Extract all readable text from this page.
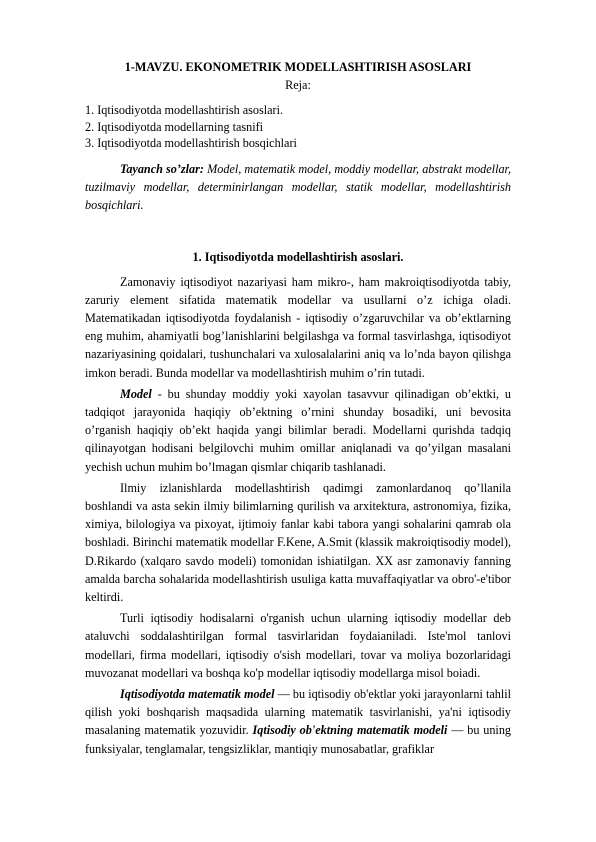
1-MAVZU. EKONOMETRIK MODELLASHTIRISH ASOSLARI

Reja:

1. Iqtisodiyotda modellashtirish asoslari.

2. Iqtisodiyotda modellarning tasnifi

3. Iqtisodiyotda modellashtirish bosqichlari

Tayanch so’zlar: Model, matematik model, moddiy modellar, abstrakt modellar, tuzilmaviy modellar, determinirlangan modellar, statik modellar, modellashtirish bosqichlari.

1. Iqtisodiyotda modellashtirish asoslari.

Zamonaviy iqtisodiyot nazariyasi ham mikro-, ham makroiqtisodiyotda tabiy, zaruriy element sifatida matematik modellar va usullarni o’z ichiga oladi. Matematikadan iqtisodiyotda foydalanish - iqtisodiy o’zgaruvchilar va ob’ektlarning eng muhim, ahamiyatli bog’lanishlarini belgilashga va formal tasvirlashga, iqtisodiyot nazariyasining qoidalari, tushunchalari va xulosalalarini aniq va lo’nda bayon qilishga imkon beradi. Bunda modellar va modellashtirish muhim o’rin tutadi.

Model - bu shunday moddiy yoki xayolan tasavvur qilinadigan ob’ektki, u tadqiqot jarayonida haqiqiy ob’ektning o’rnini shunday bosadiki, uni bevosita o’rganish haqiqiy ob’ekt haqida yangi bilimlar beradi. Modellarni qurishda tadqiq qilinayotgan hodisani belgilovchi muhim omillar aniqlanadi va qo’yilgan masalani yechish uchun muhim bo’lmagan qismlar chiqarib tashlanadi.

Ilmiy izlanishlarda modellashtirish qadimgi zamonlardanoq qo’llanila boshlandi va asta sekin ilmiy bilimlarning qurilish va arxitektura, astronomiya, fizika, ximiya, bilologiya va pixoyat, ijtimoiy fanlar kabi tabora yangi sohalarini qamrab ola boshladi. Birinchi matematik modellar F.Kene, A.Smit (klassik makroiqtisodiy model), D.Rikardo (xalqaro savdo modeli) tomonidan ishiatilgan. XX asr zamonaviy fanning amalda barcha sohalarida modellashtirish usuliga katta muvaffaqiyatlar va obro'-e'tibor keltirdi.

Turli iqtisodiy hodisalarni o'rganish uchun ularning iqtisodiy modellar deb ataluvchi soddalashtirilgan formal tasvirlaridan foydaianiladi. Iste'mol tanlovi modellari, firma modellari, iqtisodiy o'sish modellari, tovar va moliya bozorlaridagi muvozanat modellari va boshqa ko'p modellar iqtisodiy modellarga misol boiadi.

Iqtisodiyotda matematik model — bu iqtisodiy ob'ektlar yoki jarayonlarni tahlil qilish yoki boshqarish maqsadida ularning matematik tasvirlanishi, ya'ni iqtisodiy masalaning matematik yozuvidir. Iqtisodiy ob'ektning matematik modeli — bu uning funksiyalar, tenglamalar, tengsizliklar, mantiqiy munosabatlar, grafiklar
